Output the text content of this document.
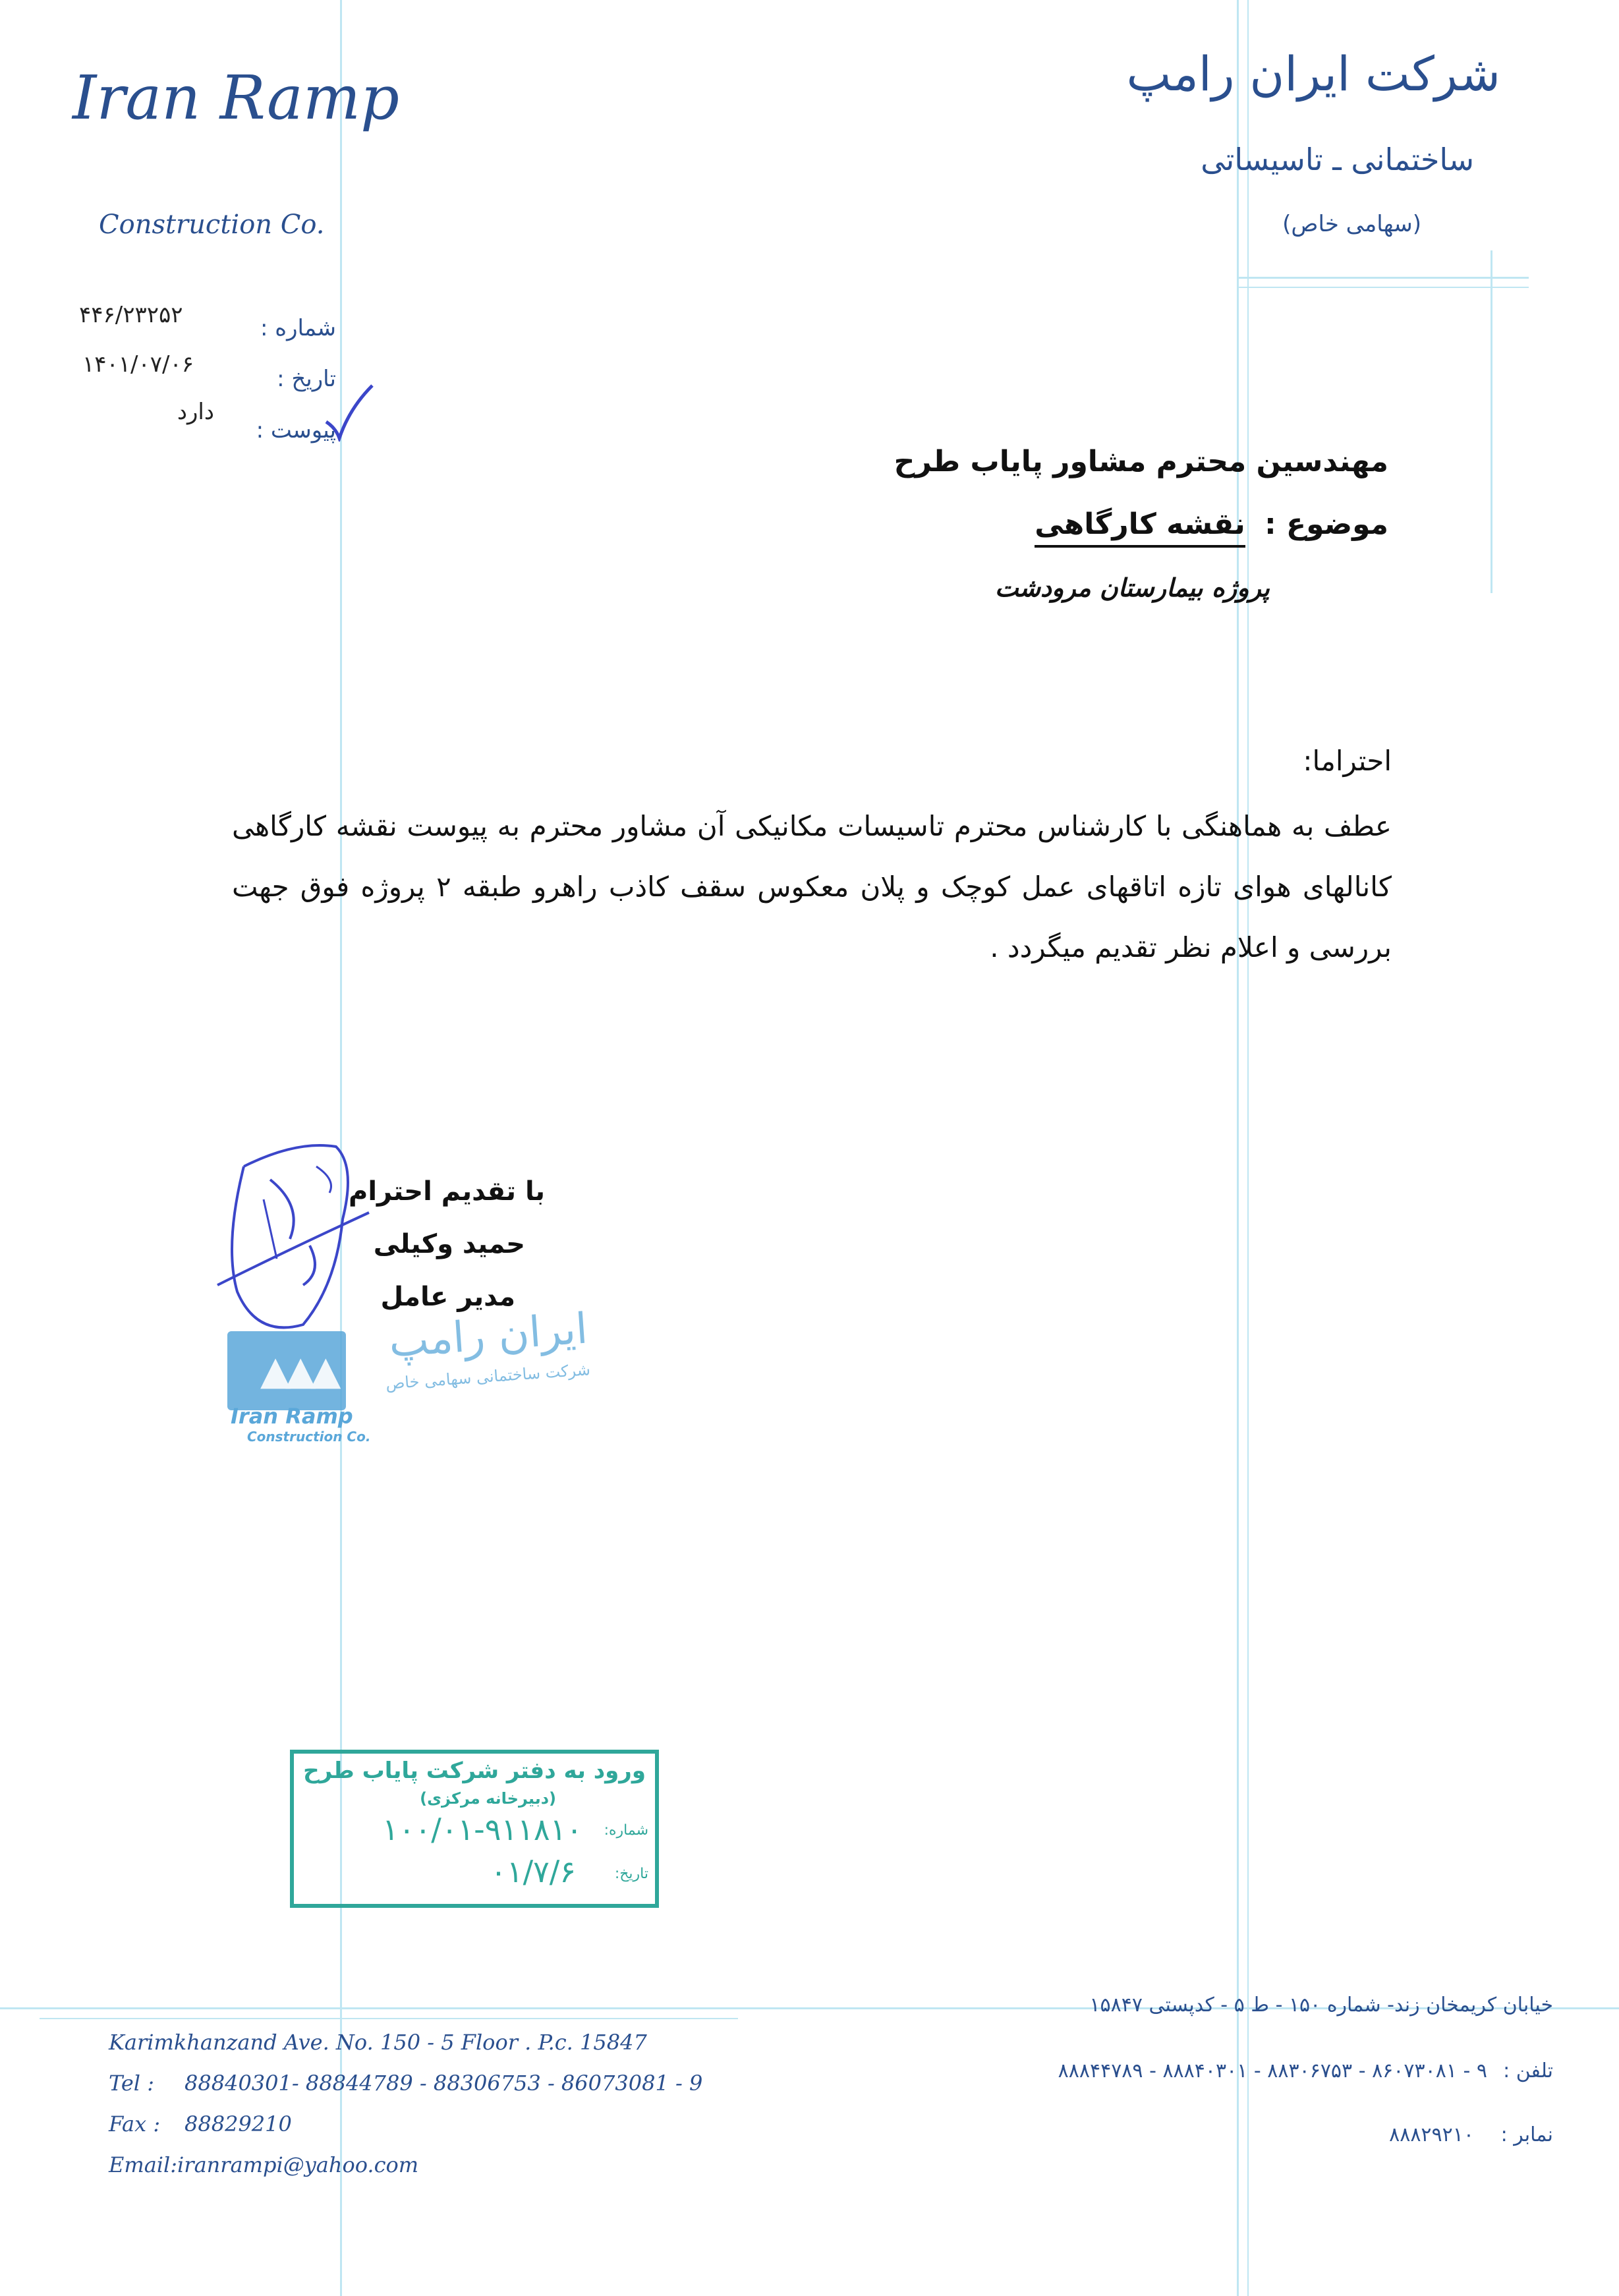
Iran Ramp
Construction Co.
شرکت ایران رامپ
ساختمانی ـ تاسیساتی
(سهامی خاص)
شماره :
۴۴۶/۲۳۲۵۲
تاریخ :
۱۴۰۱/۰۷/۰۶
پیوست :
دارد
مهندسین محترم مشاور پایاب طرح
موضوع : نقشه کارگاهی
پروژه بیمارستان مرودشت
احتراما:
عطف به هماهنگی با کارشناس محترم تاسیسات مکانیکی آن مشاور محترم به پیوست نقشه کارگاهی کانالهای هوای تازه اتاقهای عمل کوچک و پلان معکوس سقف کاذب راهرو طبقه ۲ پروژه فوق جهت بررسی و اعلام نظر تقدیم میگردد .
با تقدیم احترام
حمید وکیلی
مدیر عامل
▲▲▲
Iran Ramp
Construction Co.
ایران رامپ
شرکت ساختمانی سهامی خاص
ورود به دفتر شرکت پایاب طرح
(دبیرخانه مرکزی)
شماره:
۱۰۰/۰۱-۹۱۱۸۱۰
تاریخ:
۰۱/۷/۶
Karimkhanzand Ave. No. 150 - 5 Floor . P.c. 15847
Tel : 88840301- 88844789 - 88306753 - 86073081 - 9
Fax : 88829210
Email:iranrampi@yahoo.com
خیابان کریمخان زند- شماره ۱۵۰ - ط ۵ - کدپستی ۱۵۸۴۷
تلفن :
۹ - ۸۶۰۷۳۰۸۱ - ۸۸۳۰۶۷۵۳ - ۸۸۸۴۰۳۰۱ - ۸۸۸۴۴۷۸۹
نمابر :
۸۸۸۲۹۲۱۰
